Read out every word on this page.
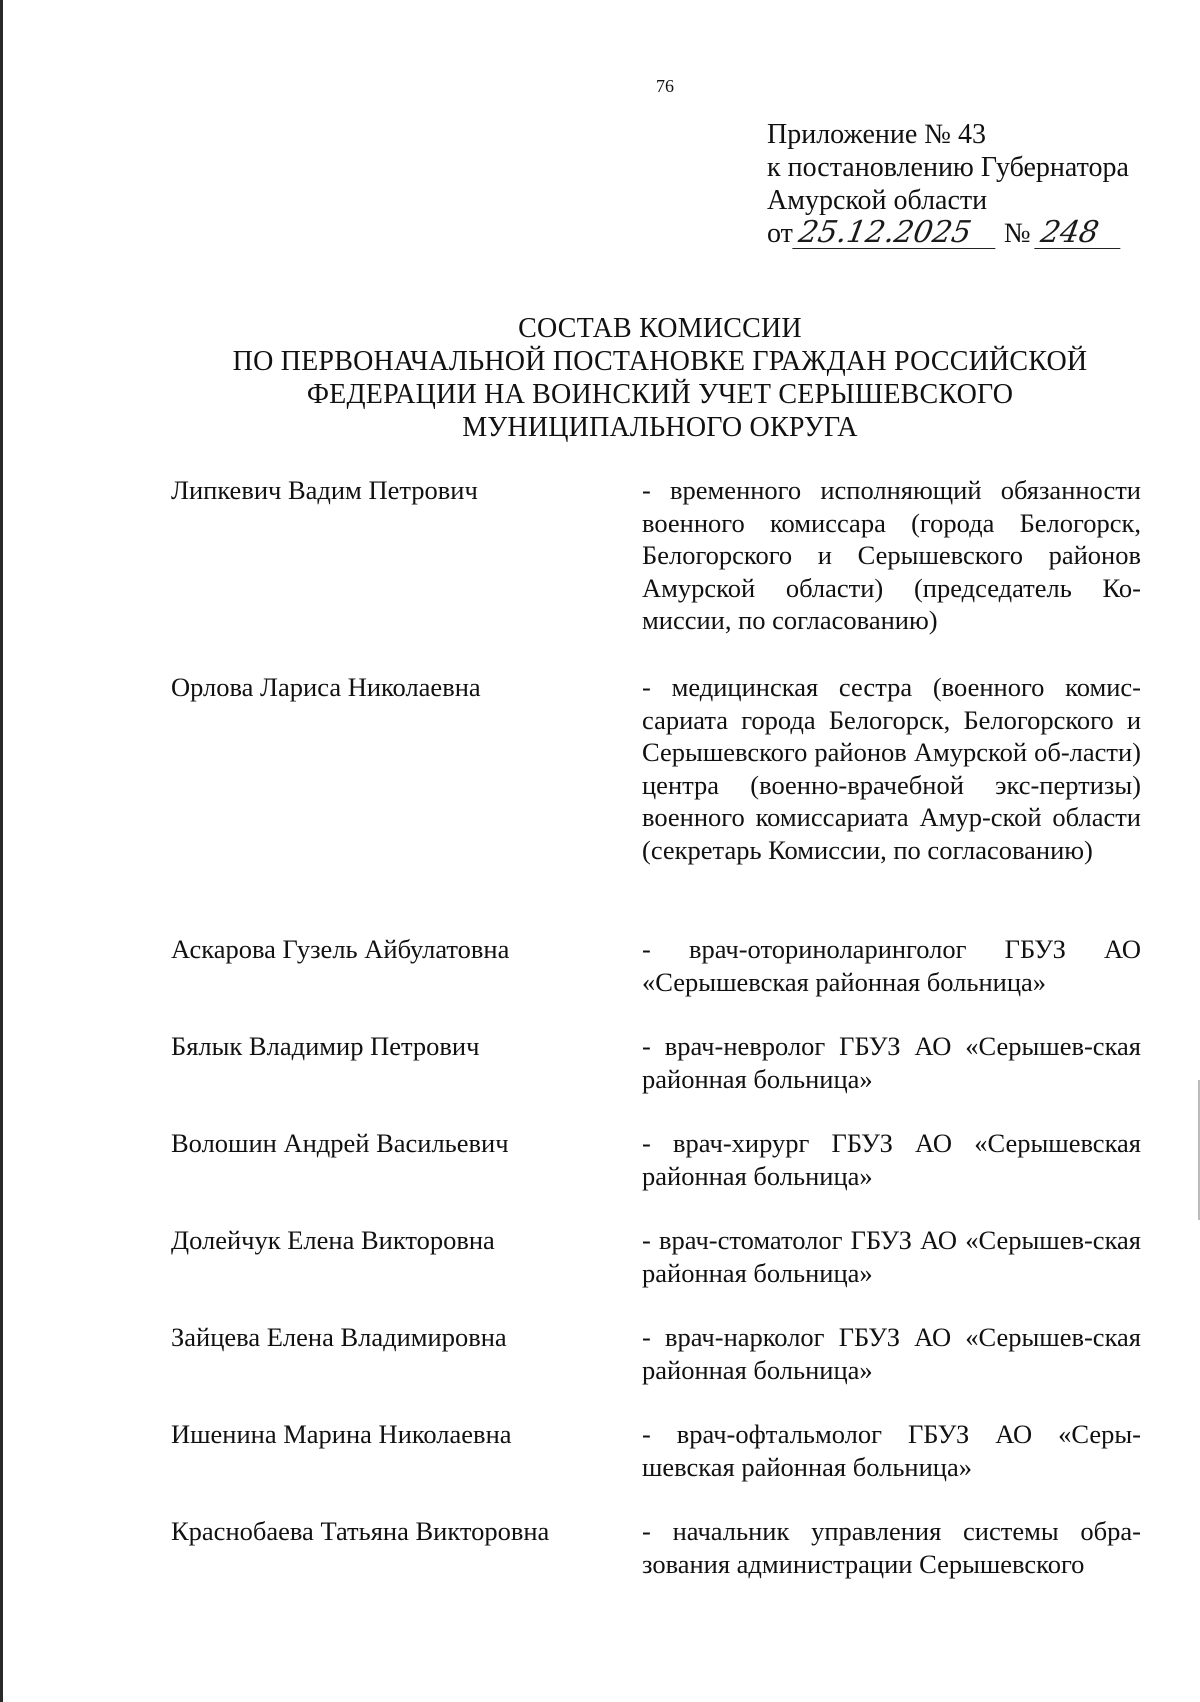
76
Приложение № 43
к постановлению Губернатора
Амурской области
от 25.12.2025	№ 248
СОСТАВ КОМИССИИ
ПО ПЕРВОНАЧАЛЬНОЙ ПОСТАНОВКЕ ГРАЖДАН РОССИЙСКОЙ
ФЕДЕРАЦИИ НА ВОИНСКИЙ УЧЕТ СЕРЫШЕВСКОГО
МУНИЦИПАЛЬНОГО ОКРУГА
Липкевич Вадим Петрович	- временного исполняющий обязанности военного комиссара (города Белогорск, Белогорского и Серышевского районов Амурской области) (председатель Ко-миссии, по согласованию)
Орлова Лариса Николаевна	- медицинская сестра (военного комис-сариата города Белогорск, Белогорского и Серышевского районов Амурской об-ласти) центра (военно-врачебной экс-пертизы) военного комиссариата Амур-ской области (секретарь Комиссии, по согласованию)
Аскарова Гузель Айбулатовна	- врач-оториноларинголог ГБУЗ АО «Серышевская районная больница»
Бялык Владимир Петрович	- врач-невролог ГБУЗ АО «Серышев-ская районная больница»
Волошин Андрей Васильевич	- врач-хирург ГБУЗ АО «Серышевская районная больница»
Долейчук Елена Викторовна	- врач-стоматолог ГБУЗ АО «Серышев-ская районная больница»
Зайцева Елена Владимировна	- врач-нарколог ГБУЗ АО «Серышев-ская районная больница»
Ишенина Марина Николаевна	- врач-офтальмолог ГБУЗ АО «Серы-шевская районная больница»
Краснобаева Татьяна Викторовна	- начальник управления системы обра-зования администрации Серышевского
